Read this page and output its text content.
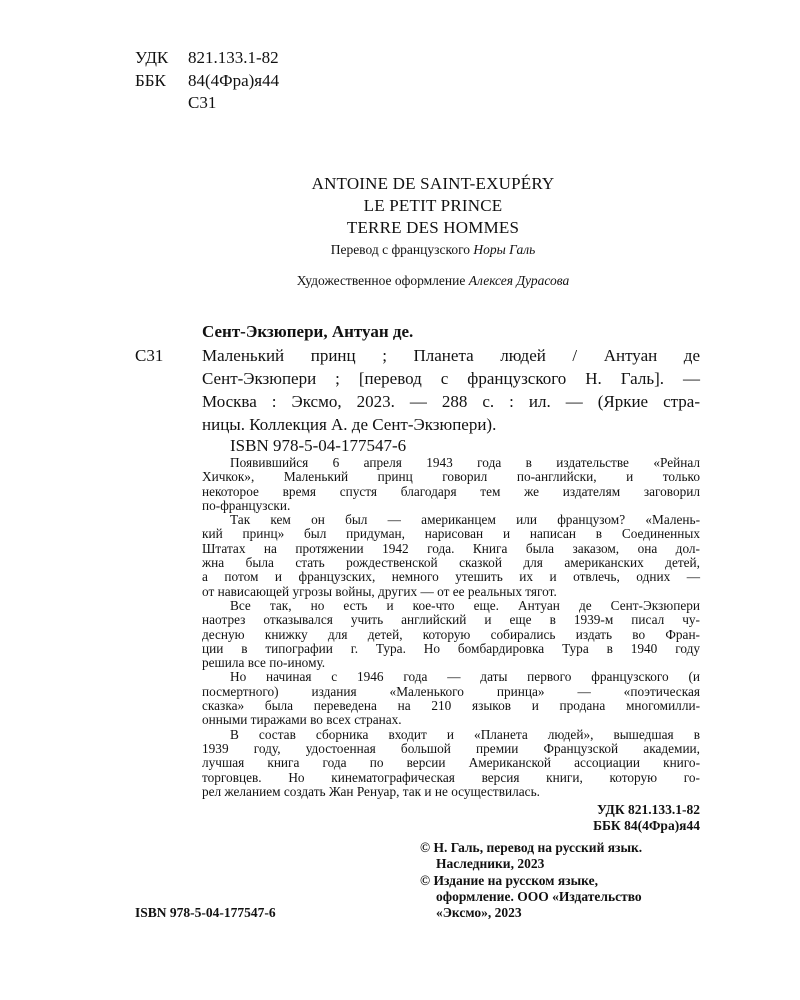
УДК	821.133.1-82
ББК	84(4Фра)я44
С31
ANTOINE DE SAINT-EXUPÉRY
LE PETIT PRINCE
TERRE DES HOMMES
Перевод с французского Норы Галь
Художественное оформление Алексея Дурасова
Сент-Экзюпери, Антуан де.
С31 Маленький принц ; Планета людей / Антуан де
Сент-Экзюпери ; [перевод с французского Н. Галь]. —
Москва : Эксмо, 2023. — 288 с. : ил. — (Яркие стра-
ницы. Коллекция А. де Сент-Экзюпери).
ISBN 978-5-04-177547-6
Появившийся 6 апреля 1943 года в издательстве «Рейнал
Хичкок», Маленький принц говорил по-английски, и только
некоторое время спустя благодаря тем же издателям заговорил
по-французски.
Так кем он был — американцем или французом? «Малень-
кий принц» был придуман, нарисован и написан в Соединенных
Штатах на протяжении 1942 года. Книга была заказом, она дол-
жна была стать рождественской сказкой для американских детей,
а потом и французских, немного утешить их и отвлечь, одних —
от нависающей угрозы войны, других — от ее реальных тягот.
Все так, но есть и кое-что еще. Антуан де Сент-Экзюпери
наотрез отказывался учить английский и еще в 1939-м писал чу-
десную книжку для детей, которую собирались издать во Фран-
ции в типографии г. Тура. Но бомбардировка Тура в 1940 году
решила все по-иному.
Но начиная с 1946 года — даты первого французского (и
посмертного) издания «Маленького принца» — «поэтическая
сказка» была переведена на 210 языков и продана многомилли-
онными тиражами во всех странах.
В состав сборника входит и «Планета людей», вышедшая в
1939 году, удостоенная большой премии Французской академии,
лучшая книга года по версии Американской ассоциации книго-
торговцев. Но кинематографическая версия книги, которую го-
рел желанием создать Жан Ренуар, так и не осуществилась.
УДК 821.133.1-82
ББК 84(4Фра)я44
© Н. Галь, перевод на русский язык.
Наследники, 2023
© Издание на русском языке,
оформление. ООО «Издательство
«Эксмо», 2023
ISBN 978-5-04-177547-6
